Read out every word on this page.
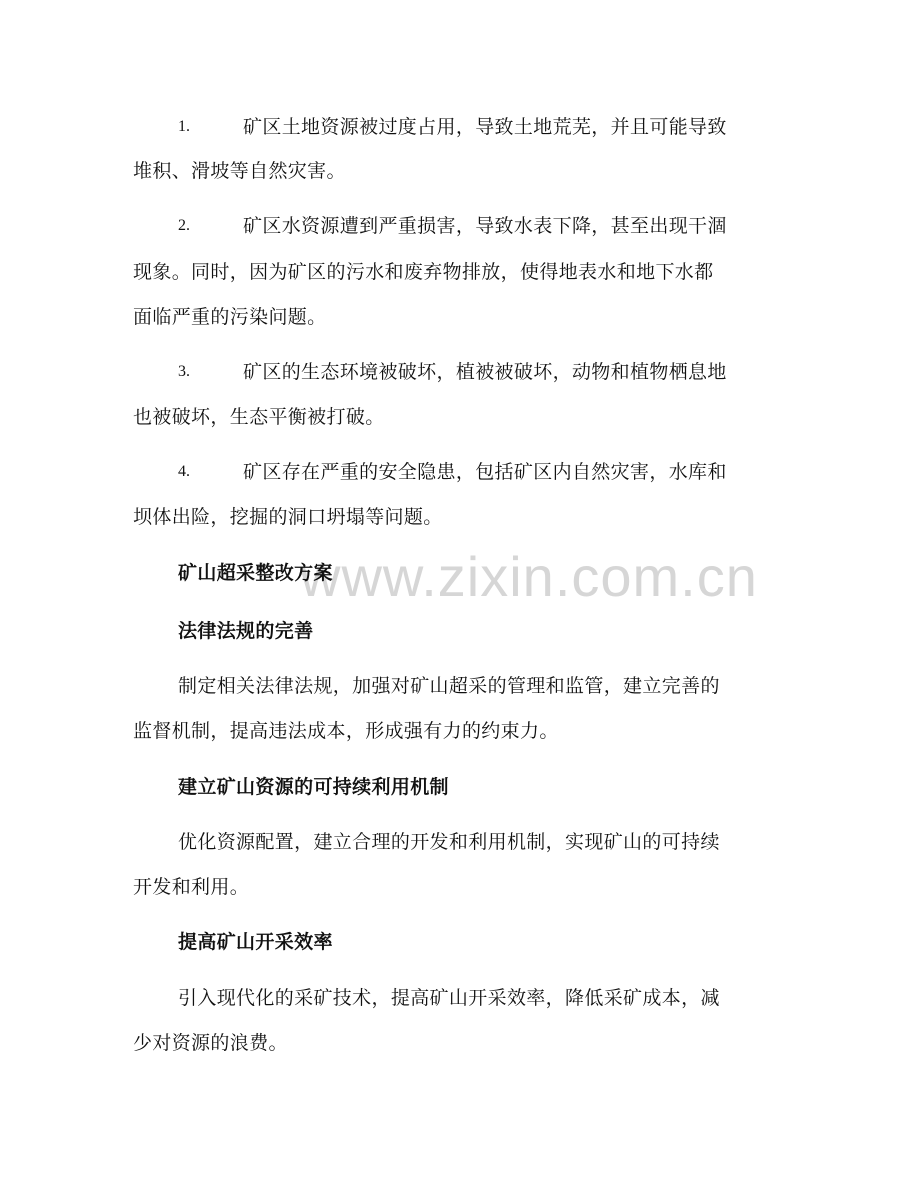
www.zixin.com.cn
1.	矿区土地资源被过度占用，导致土地荒芜，并且可能导致
堆积、滑坡等自然灾害。
2.	矿区水资源遭到严重损害，导致水表下降，甚至出现干涸
现象。同时，因为矿区的污水和废弃物排放，使得地表水和地下水都
面临严重的污染问题。
3.	矿区的生态环境被破坏，植被被破坏，动物和植物栖息地
也被破坏，生态平衡被打破。
4.	矿区存在严重的安全隐患，包括矿区内自然灾害，水库和
坝体出险，挖掘的洞口坍塌等问题。
矿山超采整改方案
法律法规的完善
制定相关法律法规，加强对矿山超采的管理和监管，建立完善的
监督机制，提高违法成本，形成强有力的约束力。
建立矿山资源的可持续利用机制
优化资源配置，建立合理的开发和利用机制，实现矿山的可持续
开发和利用。
提高矿山开采效率
引入现代化的采矿技术，提高矿山开采效率，降低采矿成本，减
少对资源的浪费。
